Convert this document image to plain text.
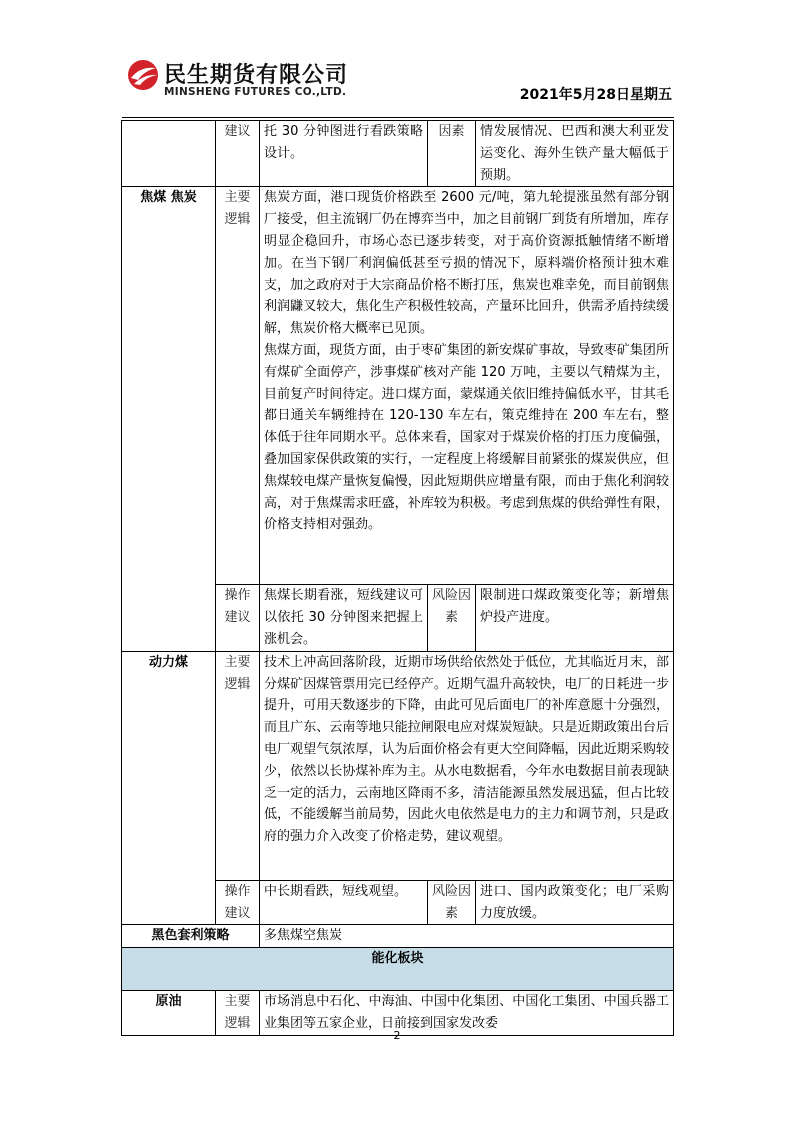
民生期货有限公司
MINSHENG FUTURES CO.,LTD.	2021年5月28日星期五
	建议	托 30 分钟图进行看跌策略设计。	因素	情发展情况、巴西和澳大利亚发运变化、海外生铁产量大幅低于预期。
焦煤 焦炭	主要逻辑	焦炭方面，港口现货价格跌至 2600 元/吨，第九轮提涨虽然有部分钢厂接受，但主流钢厂仍在博弈当中，加之目前钢厂到货有所增加，库存明显企稳回升，市场心态已逐步转变，对于高价资源抵触情绪不断增加。在当下钢厂利润偏低甚至亏损的情况下，原料端价格预计独木难支，加之政府对于大宗商品价格不断打压，焦炭也难幸免，而目前钢焦利润鼸叉较大，焦化生产积极性较高，产量环比回升，供需矛盾持续缓解，焦炭价格大概率已见顶。
焦煤方面，现货方面，由于枣矿集团的新安煤矿事故，导致枣矿集团所有煤矿全面停产，涉事煤矿核对产能 120 万吨，主要以气精煤为主，目前复产时间待定。进口煤方面，蒙煤通关依旧维持偏低水平，甘其毛都日通关车辆维持在 120-130 车左右，策克维持在 200 车左右，整体低于往年同期水平。总体来看，国家对于煤炭价格的打压力度偏强，叠加国家保供政策的实行，一定程度上将缓解目前紧张的煤炭供应，但焦煤较电煤产量恢复偏慢，因此短期供应增量有限，而由于焦化利润较高，对于焦煤需求旺盛，补库较为积极。考虑到焦煤的供给弹性有限，价格支持相对强劲。		

	操作建议	焦煤长期看涨，短线建议可以依托 30 分钟图来把握上涨机会。	风险因素	限制进口煤政策变化等；新增焦炉投产进度。
动力煤	主要逻辑	技术上冲高回落阶段，近期市场供给依然处于低位，尤其临近月末，部分煤矿因煤管票用完已经停产。近期气温升高较快，电厂的日耗进一步提升，可用天数逐步的下降，由此可见后面电厂的补库意愿十分强烈，而且广东、云南等地只能拉闸限电应对煤炭短缺。只是近期政策出台后电厂观望气氛浓厚，认为后面价格会有更大空间降幅，因此近期采购较少，依然以长协煤补库为主。从水电数据看，今年水电数据目前表现缺乏一定的活力，云南地区降雨不多，清洁能源虽然发展迅猛，但占比较低，不能缓解当前局势，因此火电依然是电力的主力和调节剂，只是政府的强力介入改变了价格走势，建议观望。		
	操作建议	中长期看跌，短线观望。	风险因素	进口、国内政策变化；电厂采购力度放缓。
黑色套利策略		多焦煤空焦炭		
能化板块				
原油	主要逻辑	市场消息中石化、中海油、中国中化集团、中国化工集团、中国兵器工业集团等五家企业，日前接到国家发改委		
2
